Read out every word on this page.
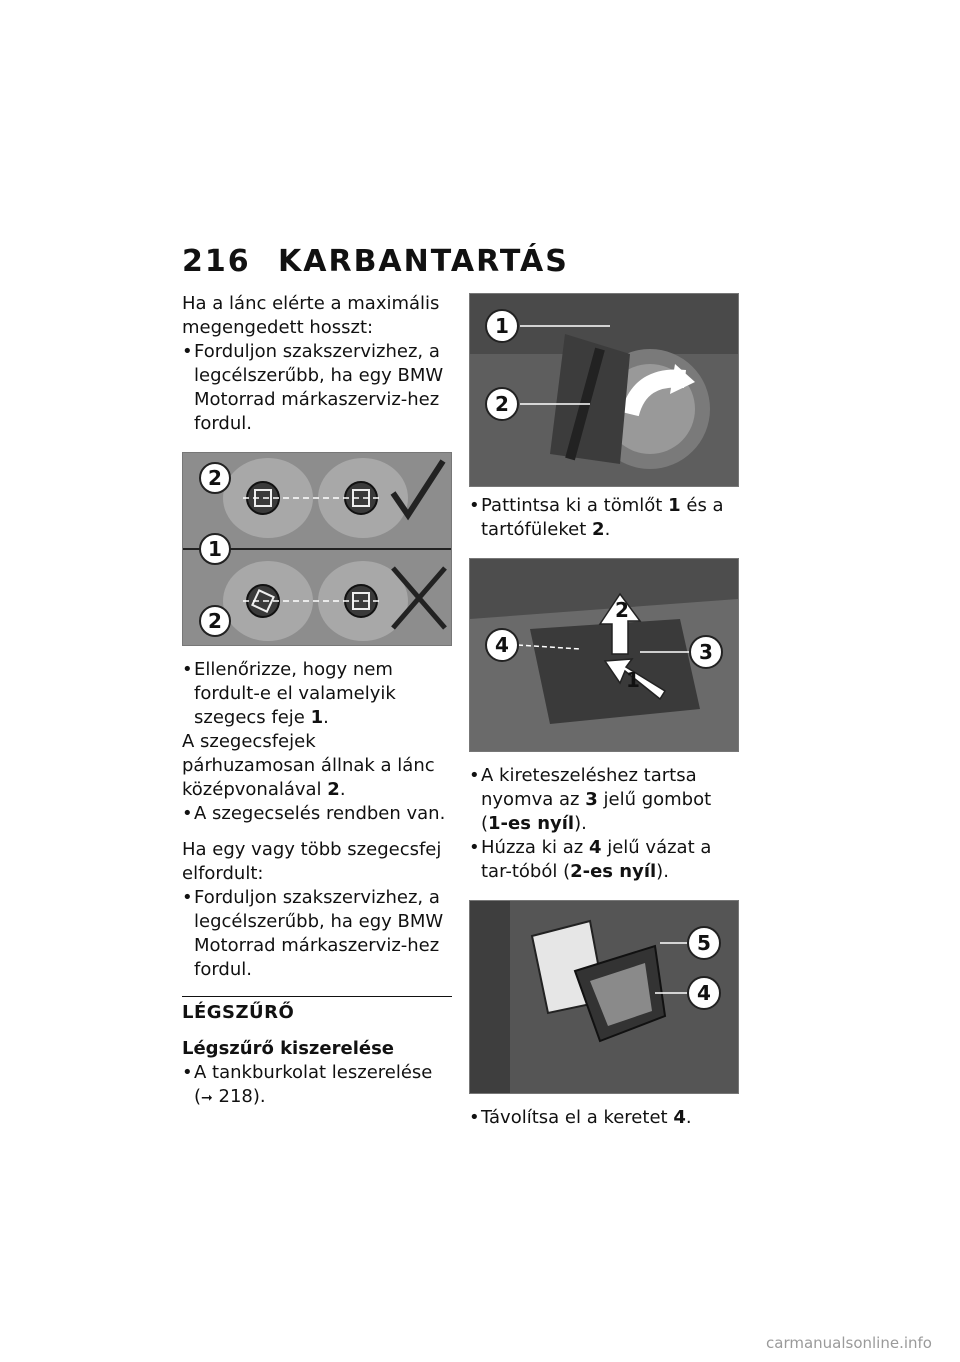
216 KARBANTARTÁS

Ha a lánc elérte a maximális megengedett hosszt:

• Forduljon szakszervizhez, a legcélszerűbb, ha egy BMW Motorrad márkaszerviz-hez fordul.

2
1
2

• Ellenőrizze, hogy nem fordult-e el valamelyik szegecs feje 1.

A szegecsfejek párhuzamosan állnak a lánc középvonalával 2.

• A szegecselés rendben van.

Ha egy vagy több szegecsfej elfordult:

• Forduljon szakszervizhez, a legcélszerűbb, ha egy BMW Motorrad márkaszerviz-hez fordul.

LÉGSZŰRŐ
Légszűrő kiszerelése

• A tankburkolat leszerelése
(➞ 218).

1
2

• Pattintsa ki a tömlőt 1 és a tartófüleket 2.

4	3
2
1

• A kireteszeléshez tartsa nyomva az 3 jelű gombot (1-es nyíl).

• Húzza ki az 4 jelű vázat a tar-tóból (2-es nyíl).

5
4

• Távolítsa el a keretet 4.

carmanualsonline.info
